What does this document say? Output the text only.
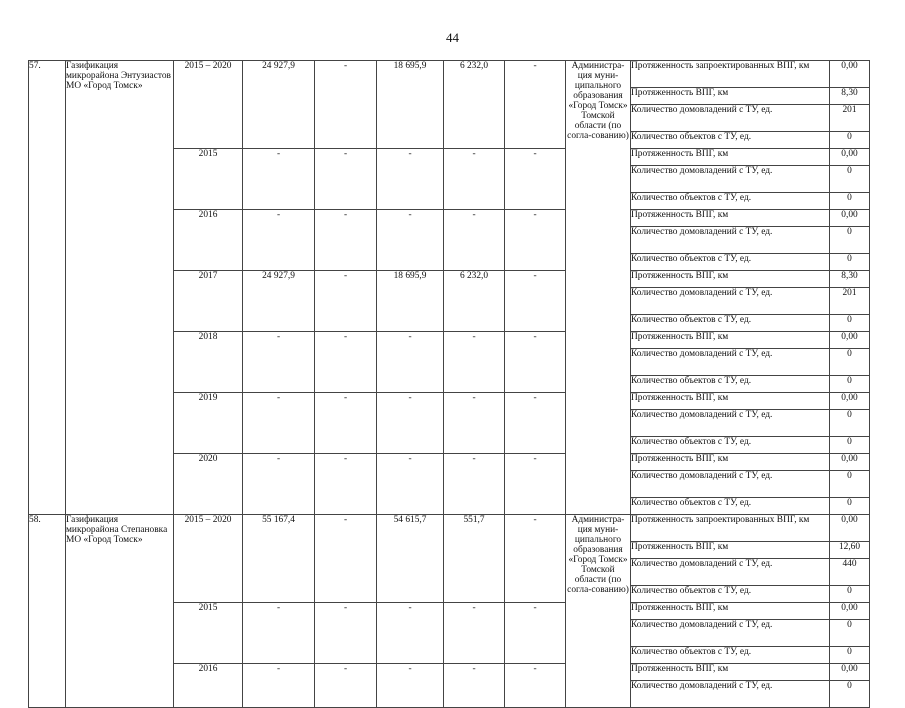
44
57.	Газификация микрорайона Энтузиастов МО «Город Томск»	2015 – 2020	24 927,9	-	18 695,9	6 232,0	-	Администра-ция муни-ципального образования «Город Томск» Томской области (по согла-сованию)	Протяженность запроектированных ВПГ, км	0,00
									Протяженность ВПГ, км	8,30
									Количество домовладений с ТУ, ед.	201
									Количество объектов с ТУ, ед.	0
		2015	-	-	-	-	-		Протяженность ВПГ, км	0,00
									Количество домовладений с ТУ, ед.	0
									Количество объектов с ТУ, ед.	0
		2016	-	-	-	-	-		Протяженность ВПГ, км	0,00
									Количество домовладений с ТУ, ед.	0
									Количество объектов с ТУ, ед.	0
		2017	24 927,9	-	18 695,9	6 232,0	-		Протяженность ВПГ, км	8,30
									Количество домовладений с ТУ, ед.	201
									Количество объектов с ТУ, ед.	0
		2018	-	-	-	-	-		Протяженность ВПГ, км	0,00
									Количество домовладений с ТУ, ед.	0
									Количество объектов с ТУ, ед.	0
		2019	-	-	-	-	-		Протяженность ВПГ, км	0,00
									Количество домовладений с ТУ, ед.	0
									Количество объектов с ТУ, ед.	0
		2020	-	-	-	-	-		Протяженность ВПГ, км	0,00
									Количество домовладений с ТУ, ед.	0
									Количество объектов с ТУ, ед.	0
58.	Газификация микрорайона Степановка МО «Город Томск»	2015 – 2020	55 167,4	-	54 615,7	551,7	-	Администра-ция муни-ципального образования «Город Томск» Томской области (по согла-сованию)	Протяженность запроектированных ВПГ, км	0,00
									Протяженность ВПГ, км	12,60
									Количество домовладений с ТУ, ед.	440
									Количество объектов с ТУ, ед.	0
		2015	-	-	-	-	-		Протяженность ВПГ, км	0,00
									Количество домовладений с ТУ, ед.	0
									Количество объектов с ТУ, ед.	0
		2016	-	-	-	-	-		Протяженность ВПГ, км	0,00
									Количество домовладений с ТУ, ед.	0
